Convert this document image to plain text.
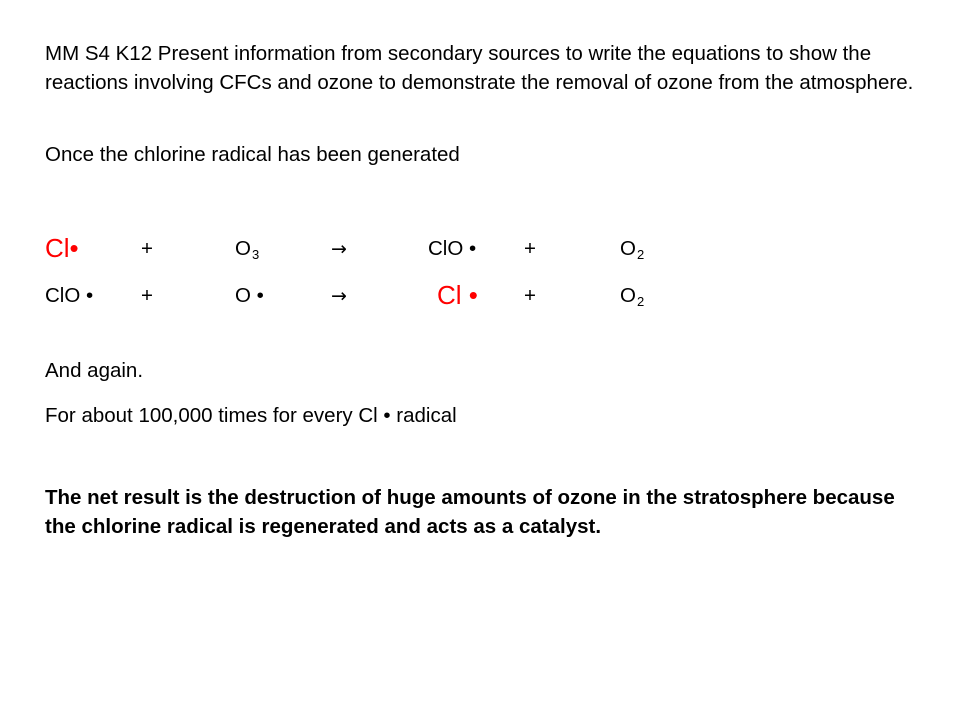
MM S4 K12 Present information from secondary sources to write the equations to show the reactions involving CFCs and ozone to demonstrate the removal of ozone from the atmosphere.

Once the chlorine radical has been generated

Cl•	+	$O_3$	→	ClO • +	$O_2$
ClO • +	O •	→	Cl • +	$O_2$

And again.

For about 100,000 times for every Cl • radical

The net result is the destruction of huge amounts of ozone in the stratosphere because the chlorine radical is regenerated and acts as a catalyst.
